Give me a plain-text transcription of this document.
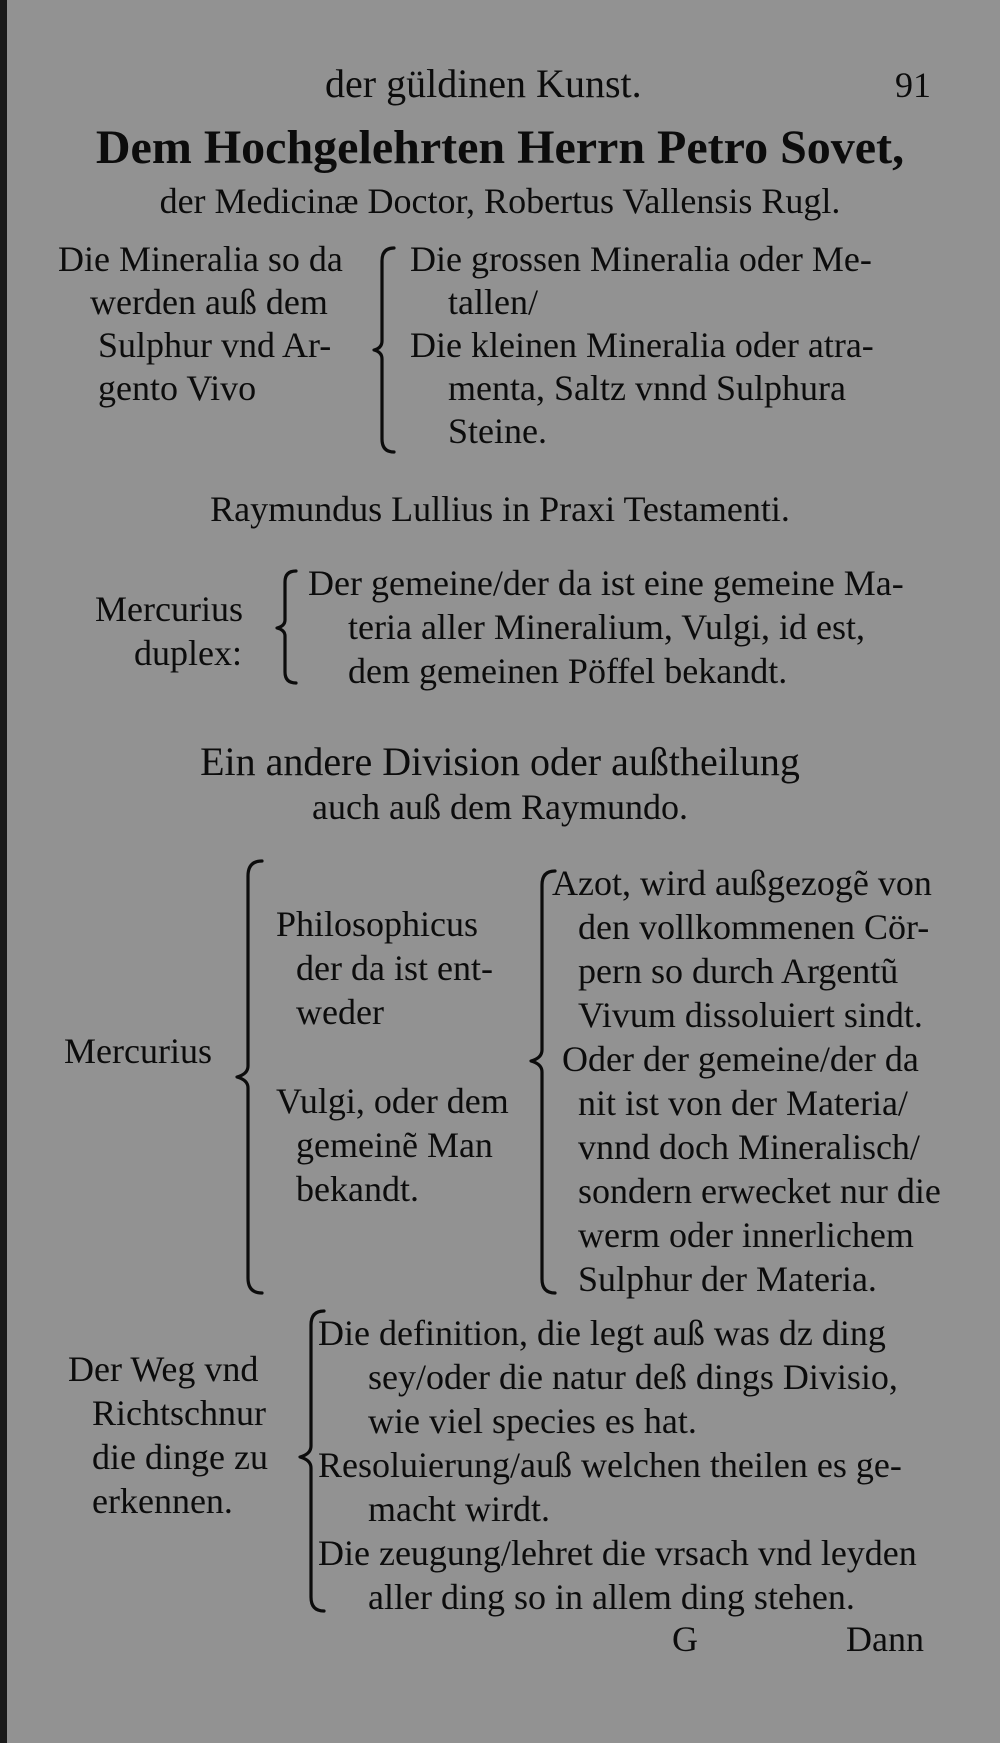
der güldinen Kunst.	91
Dem Hochgelehrten Herrn Petro Sovet,
der Medicinæ Doctor, Robertus Vallensis Rugl.
Die Mineralia so da
werden auß dem
Sulphur vnd Ar-
gento Vivo
Die grossen Mineralia oder Me-
tallen/
Die kleinen Mineralia oder atra-
menta, Saltz vnnd Sulphura
Steine.
Raymundus Lullius in Praxi Testamenti.
Mercurius
duplex:
Der gemeine/der da ist eine gemeine Ma-
teria aller Mineralium, Vulgi, id est,
dem gemeinen Pöffel bekandt.
Ein andere Division oder außtheilung
auch auß dem Raymundo.
Mercurius
Philosophicus
der da ist ent-
weder
Vulgi, oder dem
gemeinẽ Man
bekandt.
Azot, wird außgezogẽ von
den vollkommenen Cör-
pern so durch Argentũ
Vivum dissoluiert sindt.
Oder der gemeine/der da
nit ist von der Materia/
vnnd doch Mineralisch/
sondern erwecket nur die
werm oder innerlichem
Sulphur der Materia.
Der Weg vnd
Richtschnur
die dinge zu
erkennen.
Die definition, die legt auß was dz ding
sey/oder die natur deß dings Divisio,
wie viel species es hat.
Resoluierung/auß welchen theilen es ge-
macht wirdt.
Die zeugung/lehret die vrsach vnd leyden
aller ding so in allem ding stehen.
G	Dann
